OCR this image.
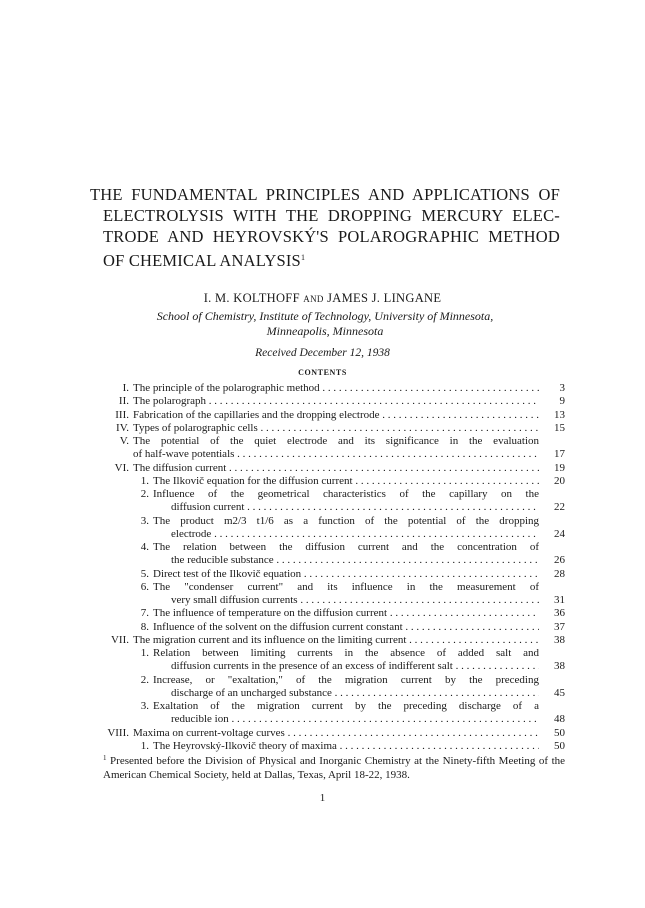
THE FUNDAMENTAL PRINCIPLES AND APPLICATIONS OF
ELECTROLYSIS WITH THE DROPPING MERCURY ELEC-
TRODE AND HEYROVSKÝ'S POLAROGRAPHIC METHOD
OF CHEMICAL ANALYSIS$^1$
I. M. KOLTHOFF AND JAMES J. LINGANE
School of Chemistry, Institute of Technology, University of Minnesota,
Minneapolis, Minnesota
Received December 12, 1938
CONTENTS
I. The principle of the polarographic method . . .	3
II. The polarograph . . .	9
III. Fabrication of the capillaries and the dropping electrode . . .	13
IV. Types of polarographic cells . . .	15
V. The potential of the quiet electrode and its significance in the evaluation
of half-wave potentials . . .	17
VI. The diffusion current . . .	19
1. The Ilkovič equation for the diffusion current . . .	20
2. Influence of the geometrical characteristics of the capillary on the
diffusion current . . .	22
3. The product m2/3 t1/6 as a function of the potential of the dropping
electrode . . .	24
4. The relation between the diffusion current and the concentration of
the reducible substance . . .	26
5. Direct test of the Ilkovič equation . . .	28
6. The "condenser current" and its influence in the measurement of
very small diffusion currents . . .	31
7. The influence of temperature on the diffusion current . . .	36
8. Influence of the solvent on the diffusion current constant . . .	37
VII. The migration current and its influence on the limiting current . . .	38
1. Relation between limiting currents in the absence of added salt and
diffusion currents in the presence of an excess of indifferent salt . . .	38
2. Increase, or "exaltation," of the migration current by the preceding
discharge of an uncharged substance . . .	45
3. Exaltation of the migration current by the preceding discharge of a
reducible ion . . .	48
VIII. Maxima on current-voltage curves . . .	50
1. The Heyrovský-Ilkovič theory of maxima . . .	50
$^1$ Presented before the Division of Physical and Inorganic Chemistry at the Ninety-fifth Meeting of the American Chemical Society, held at Dallas, Texas, April 18-22, 1938.
1
